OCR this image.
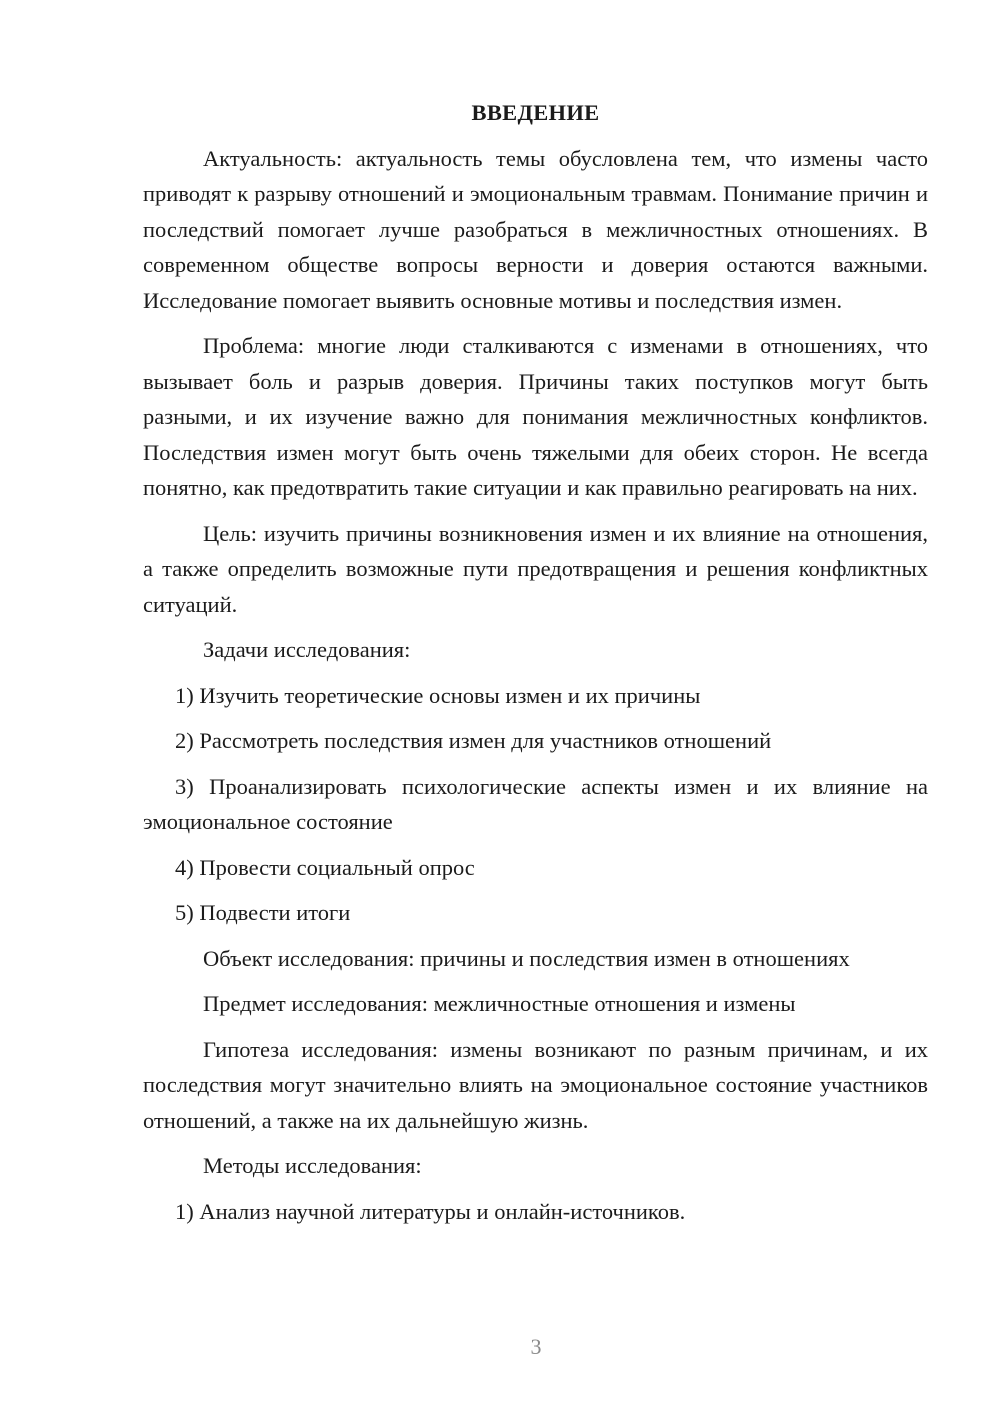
ВВЕДЕНИЕ

Актуальность: актуальность темы обусловлена тем, что измены часто приводят к разрыву отношений и эмоциональным травмам. Понимание причин и последствий помогает лучше разобраться в межличностных отношениях. В современном обществе вопросы верности и доверия остаются важными. Исследование помогает выявить основные мотивы и последствия измен.

Проблема: многие люди сталкиваются с изменами в отношениях, что вызывает боль и разрыв доверия. Причины таких поступков могут быть разными, и их изучение важно для понимания межличностных конфликтов. Последствия измен могут быть очень тяжелыми для обеих сторон. Не всегда понятно, как предотвратить такие ситуации и как правильно реагировать на них.

Цель: изучить причины возникновения измен и их влияние на отношения, а также определить возможные пути предотвращения и решения конфликтных ситуаций.

Задачи исследования:

1) Изучить теоретические основы измен и их причины

2) Рассмотреть последствия измен для участников отношений

3) Проанализировать психологические аспекты измен и их влияние на эмоциональное состояние

4) Провести социальный опрос

5) Подвести итоги

Объект исследования: причины и последствия измен в отношениях

Предмет исследования: межличностные отношения и измены

Гипотеза исследования: измены возникают по разным причинам, и их последствия могут значительно влиять на эмоциональное состояние участников отношений, а также на их дальнейшую жизнь.

Методы исследования:

1) Анализ научной литературы и онлайн-источников.

3
